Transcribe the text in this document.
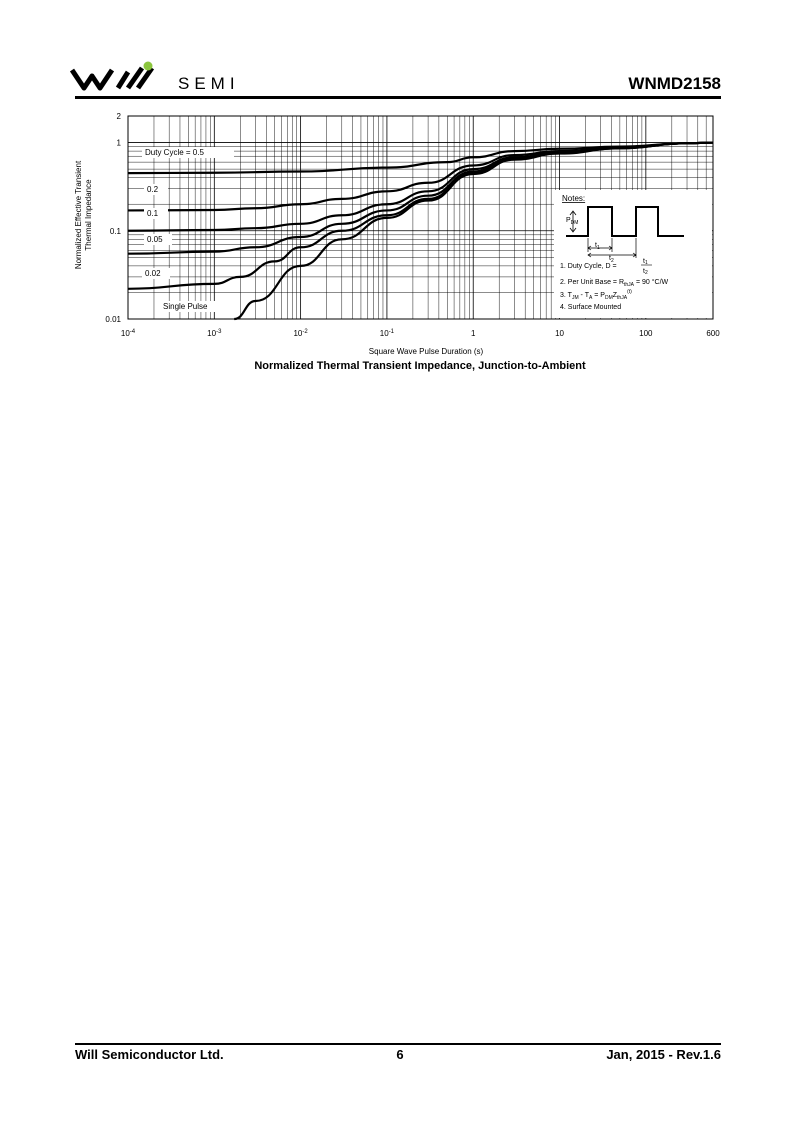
SEMI	WNMD2158
$10^{-4}$	$10^{-3}$	$10^{-2}$	$10^{-1}$	1	10	100	600
0.01
0.1
1
2
Square Wave Pulse Duration (s)
Normalized Effective Transient Thermal Impedance
Duty Cycle = 0.5
0.2
0.1
0.05
0.02
Single Pulse
Notes:
$P_{DM}$
$t_1$
$t_2$
1. Duty Cycle, D =
t1
t2
2. Per Unit Base = $R_{thJA} = 90$ °C/W
3. $T_{JM} - T_A = P_{DM}Z_{thJA}^{(t)}$
4. Surface Mounted
Normalized Thermal Transient Impedance, Junction-to-Ambient
Will Semiconductor Ltd.	6	Jan, 2015 - Rev.1.6
